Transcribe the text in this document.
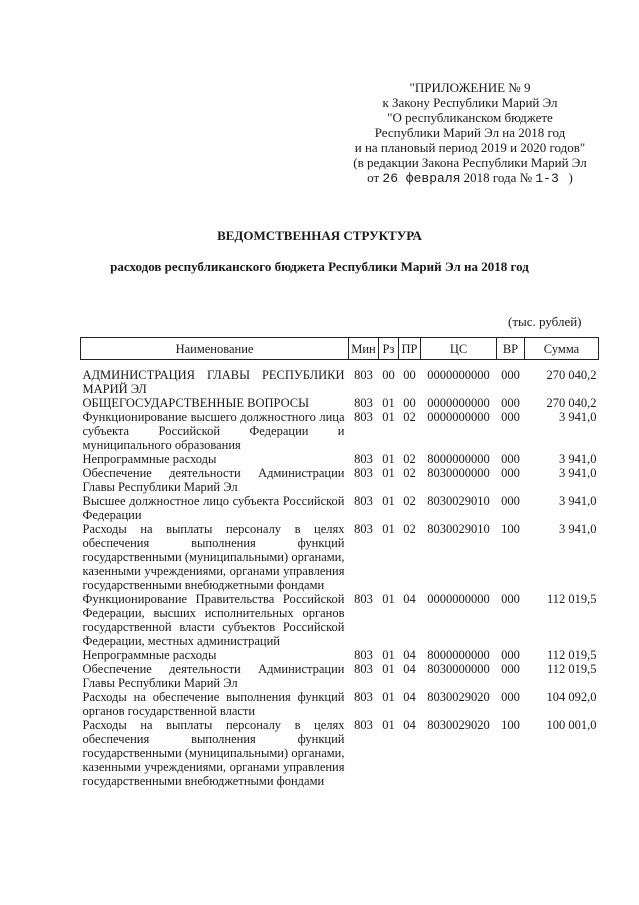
"ПРИЛОЖЕНИЕ № 9
к Закону Республики Марий Эл
"О республиканском бюджете
Республики Марий Эл на 2018 год
и на плановый период 2019 и 2020 годов"
(в редакции Закона Республики Марий Эл
от 26 февраля 2018 года № 1-3 )
ВЕДОМСТВЕННАЯ СТРУКТУРА
расходов республиканского бюджета Республики Марий Эл на 2018 год
(тыс. рублей)
Наименование	Мин	Рз	ПР	ЦС	ВР	Сумма
АДМИНИСТРАЦИЯ ГЛАВЫ РЕСПУБЛИКИ МАРИЙ ЭЛ	803	00	00	0000000000	000	270 040,2
ОБЩЕГОСУДАРСТВЕННЫЕ ВОПРОСЫ	803	01	00	0000000000	000	270 040,2
Функционирование высшего должностного лица субъекта Российской Федерации и муниципального образования	803	01	02	0000000000	000	3 941,0
Непрограммные расходы	803	01	02	8000000000	000	3 941,0
Обеспечение деятельности Администрации Главы Республики Марий Эл	803	01	02	8030000000	000	3 941,0
Высшее должностное лицо субъекта Российской Федерации	803	01	02	8030029010	000	3 941,0
Расходы на выплаты персоналу в целях обеспечения выполнения функций государственными (муниципальными) органами, казенными учреждениями, органами управления государственными внебюджетными фондами	803	01	02	8030029010	100	3 941,0
Функционирование Правительства Российской Федерации, высших исполнительных органов государственной власти субъектов Российской Федерации, местных администраций	803	01	04	0000000000	000	112 019,5
Непрограммные расходы	803	01	04	8000000000	000	112 019,5
Обеспечение деятельности Администрации Главы Республики Марий Эл	803	01	04	8030000000	000	112 019,5
Расходы на обеспечение выполнения функций органов государственной власти	803	01	04	8030029020	000	104 092,0
Расходы на выплаты персоналу в целях обеспечения выполнения функций государственными (муниципальными) органами, казенными учреждениями, органами управления государственными внебюджетными фондами	803	01	04	8030029020	100	100 001,0
